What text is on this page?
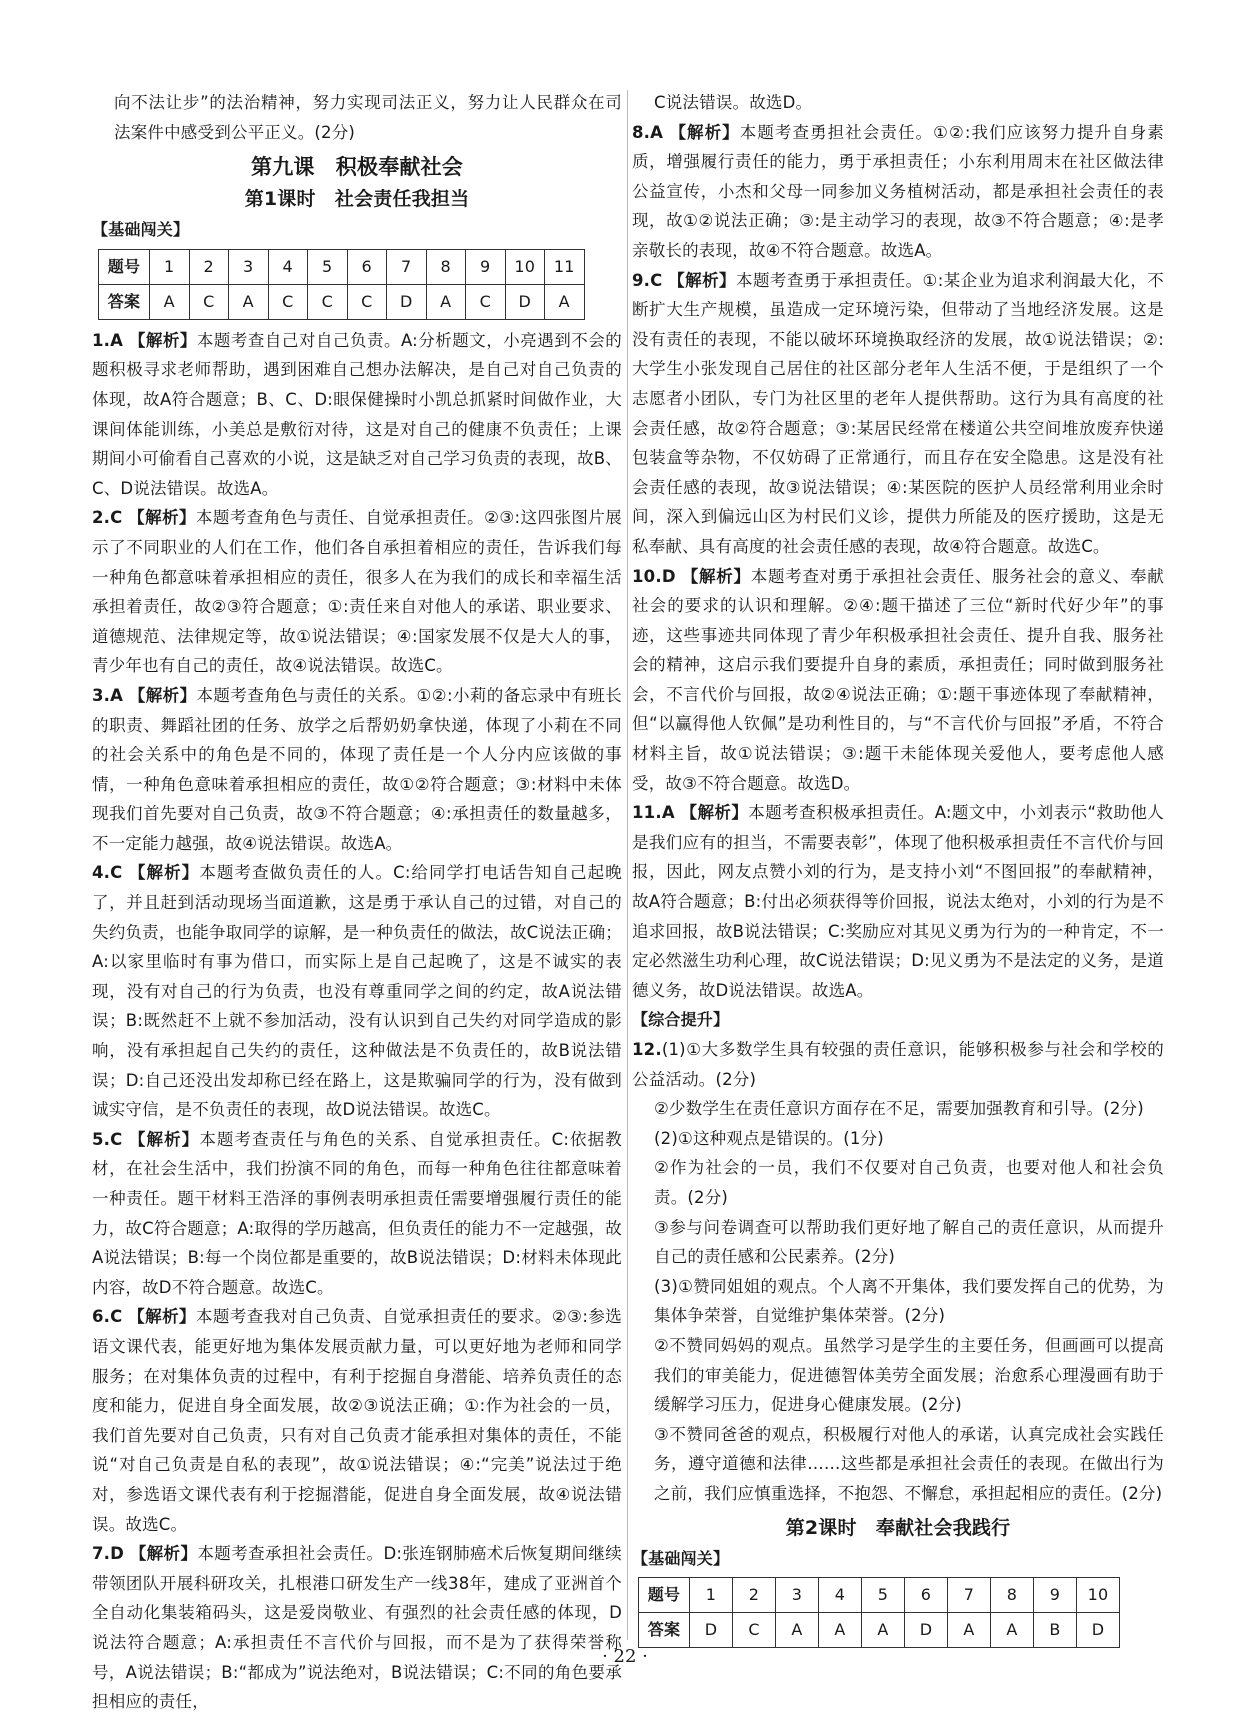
向不法让步”的法治精神，努力实现司法正义，努力让人民群众在司法案件中感受到公平正义。(2分)

第九课　积极奉献社会
第1课时　社会责任我担当
【基础闯关】
题号	1	2	3	4	5	6	7	8	9	10	11
答案	A	C	A	C	C	C	D	A	C	D	A

1.A 【解析】本题考查自己对自己负责。A:分析题文，小亮遇到不会的题积极寻求老师帮助，遇到困难自己想办法解决，是自己对自己负责的体现，故A符合题意；B、C、D:眼保健操时小凯总抓紧时间做作业，大课间体能训练，小美总是敷衍对待，这是对自己的健康不负责任；上课期间小可偷看自己喜欢的小说，这是缺乏对自己学习负责的表现，故B、C、D说法错误。故选A。

2.C 【解析】本题考查角色与责任、自觉承担责任。②③:这四张图片展示了不同职业的人们在工作，他们各自承担着相应的责任，告诉我们每一种角色都意味着承担相应的责任，很多人在为我们的成长和幸福生活承担着责任，故②③符合题意；①:责任来自对他人的承诺、职业要求、道德规范、法律规定等，故①说法错误；④:国家发展不仅是大人的事，青少年也有自己的责任，故④说法错误。故选C。

3.A 【解析】本题考查角色与责任的关系。①②:小莉的备忘录中有班长的职责、舞蹈社团的任务、放学之后帮奶奶拿快递，体现了小莉在不同的社会关系中的角色是不同的，体现了责任是一个人分内应该做的事情，一种角色意味着承担相应的责任，故①②符合题意；③:材料中未体现我们首先要对自己负责，故③不符合题意；④:承担责任的数量越多，不一定能力越强，故④说法错误。故选A。

4.C 【解析】本题考查做负责任的人。C:给同学打电话告知自己起晚了，并且赶到活动现场当面道歉，这是勇于承认自己的过错，对自己的失约负责，也能争取同学的谅解，是一种负责任的做法，故C说法正确；A:以家里临时有事为借口，而实际上是自己起晚了，这是不诚实的表现，没有对自己的行为负责，也没有尊重同学之间的约定，故A说法错误；B:既然赶不上就不参加活动，没有认识到自己失约对同学造成的影响，没有承担起自己失约的责任，这种做法是不负责任的，故B说法错误；D:自己还没出发却称已经在路上，这是欺骗同学的行为，没有做到诚实守信，是不负责任的表现，故D说法错误。故选C。

5.C 【解析】本题考查责任与角色的关系、自觉承担责任。C:依据教材，在社会生活中，我们扮演不同的角色，而每一种角色往往都意味着一种责任。题干材料王浩泽的事例表明承担责任需要增强履行责任的能力，故C符合题意；A:取得的学历越高，但负责任的能力不一定越强，故A说法错误；B:每一个岗位都是重要的，故B说法错误；D:材料未体现此内容，故D不符合题意。故选C。

6.C 【解析】本题考查我对自己负责、自觉承担责任的要求。②③:参选语文课代表，能更好地为集体发展贡献力量，可以更好地为老师和同学服务；在对集体负责的过程中，有利于挖掘自身潜能、培养负责任的态度和能力，促进自身全面发展，故②③说法正确；①:作为社会的一员，我们首先要对自己负责，只有对自己负责才能承担对集体的责任，不能说“对自己负责是自私的表现”，故①说法错误；④:“完美”说法过于绝对，参选语文课代表有利于挖掘潜能，促进自身全面发展，故④说法错误。故选C。

7.D 【解析】本题考查承担社会责任。D:张连钢肺癌术后恢复期间继续带领团队开展科研攻关，扎根港口研发生产一线38年，建成了亚洲首个全自动化集装箱码头，这是爱岗敬业、有强烈的社会责任感的体现，D说法符合题意；A:承担责任不言代价与回报，而不是为了获得荣誉称号，A说法错误；B:“都成为”说法绝对，B说法错误；C:不同的角色要承担相应的责任，

C说法错误。故选D。

8.A 【解析】本题考查勇担社会责任。①②:我们应该努力提升自身素质，增强履行责任的能力，勇于承担责任；小东利用周末在社区做法律公益宣传，小杰和父母一同参加义务植树活动，都是承担社会责任的表现，故①②说法正确；③:是主动学习的表现，故③不符合题意；④:是孝亲敬长的表现，故④不符合题意。故选A。

9.C 【解析】本题考查勇于承担责任。①:某企业为追求利润最大化，不断扩大生产规模，虽造成一定环境污染，但带动了当地经济发展。这是没有责任的表现，不能以破坏环境换取经济的发展，故①说法错误；②:大学生小张发现自己居住的社区部分老年人生活不便，于是组织了一个志愿者小团队，专门为社区里的老年人提供帮助。这行为具有高度的社会责任感，故②符合题意；③:某居民经常在楼道公共空间堆放废弃快递包装盒等杂物，不仅妨碍了正常通行，而且存在安全隐患。这是没有社会责任感的表现，故③说法错误；④:某医院的医护人员经常利用业余时间，深入到偏远山区为村民们义诊，提供力所能及的医疗援助，这是无私奉献、具有高度的社会责任感的表现，故④符合题意。故选C。

10.D 【解析】本题考查对勇于承担社会责任、服务社会的意义、奉献社会的要求的认识和理解。②④:题干描述了三位“新时代好少年”的事迹，这些事迹共同体现了青少年积极承担社会责任、提升自我、服务社会的精神，这启示我们要提升自身的素质，承担责任；同时做到服务社会，不言代价与回报，故②④说法正确；①:题干事迹体现了奉献精神，但“以赢得他人钦佩”是功利性目的，与“不言代价与回报”矛盾，不符合材料主旨，故①说法错误；③:题干未能体现关爱他人，要考虑他人感受，故③不符合题意。故选D。

11.A 【解析】本题考查积极承担责任。A:题文中，小刘表示“救助他人是我们应有的担当，不需要表彰”，体现了他积极承担责任不言代价与回报，因此，网友点赞小刘的行为，是支持小刘“不图回报”的奉献精神，故A符合题意；B:付出必须获得等价回报，说法太绝对，小刘的行为是不追求回报，故B说法错误；C:奖励应对其见义勇为行为的一种肯定，不一定必然滋生功利心理，故C说法错误；D:见义勇为不是法定的义务，是道德义务，故D说法错误。故选A。

【综合提升】

12.(1)①大多数学生具有较强的责任意识，能够积极参与社会和学校的公益活动。(2分)

②少数学生在责任意识方面存在不足，需要加强教育和引导。(2分)

(2)①这种观点是错误的。(1分)

②作为社会的一员，我们不仅要对自己负责，也要对他人和社会负责。(2分)

③参与问卷调查可以帮助我们更好地了解自己的责任意识，从而提升自己的责任感和公民素养。(2分)

(3)①赞同姐姐的观点。个人离不开集体，我们要发挥自己的优势，为集体争荣誉，自觉维护集体荣誉。(2分)

②不赞同妈妈的观点。虽然学习是学生的主要任务，但画画可以提高我们的审美能力，促进德智体美劳全面发展；治愈系心理漫画有助于缓解学习压力，促进身心健康发展。(2分)

③不赞同爸爸的观点，积极履行对他人的承诺，认真完成社会实践任务，遵守道德和法律……这些都是承担社会责任的表现。在做出行为之前，我们应慎重选择，不抱怨、不懈怠，承担起相应的责任。(2分)

第2课时　奉献社会我践行
【基础闯关】
题号	1	2	3	4	5	6	7	8	9	10
答案	D	C	A	A	A	D	A	A	B	D
· 22 ·
